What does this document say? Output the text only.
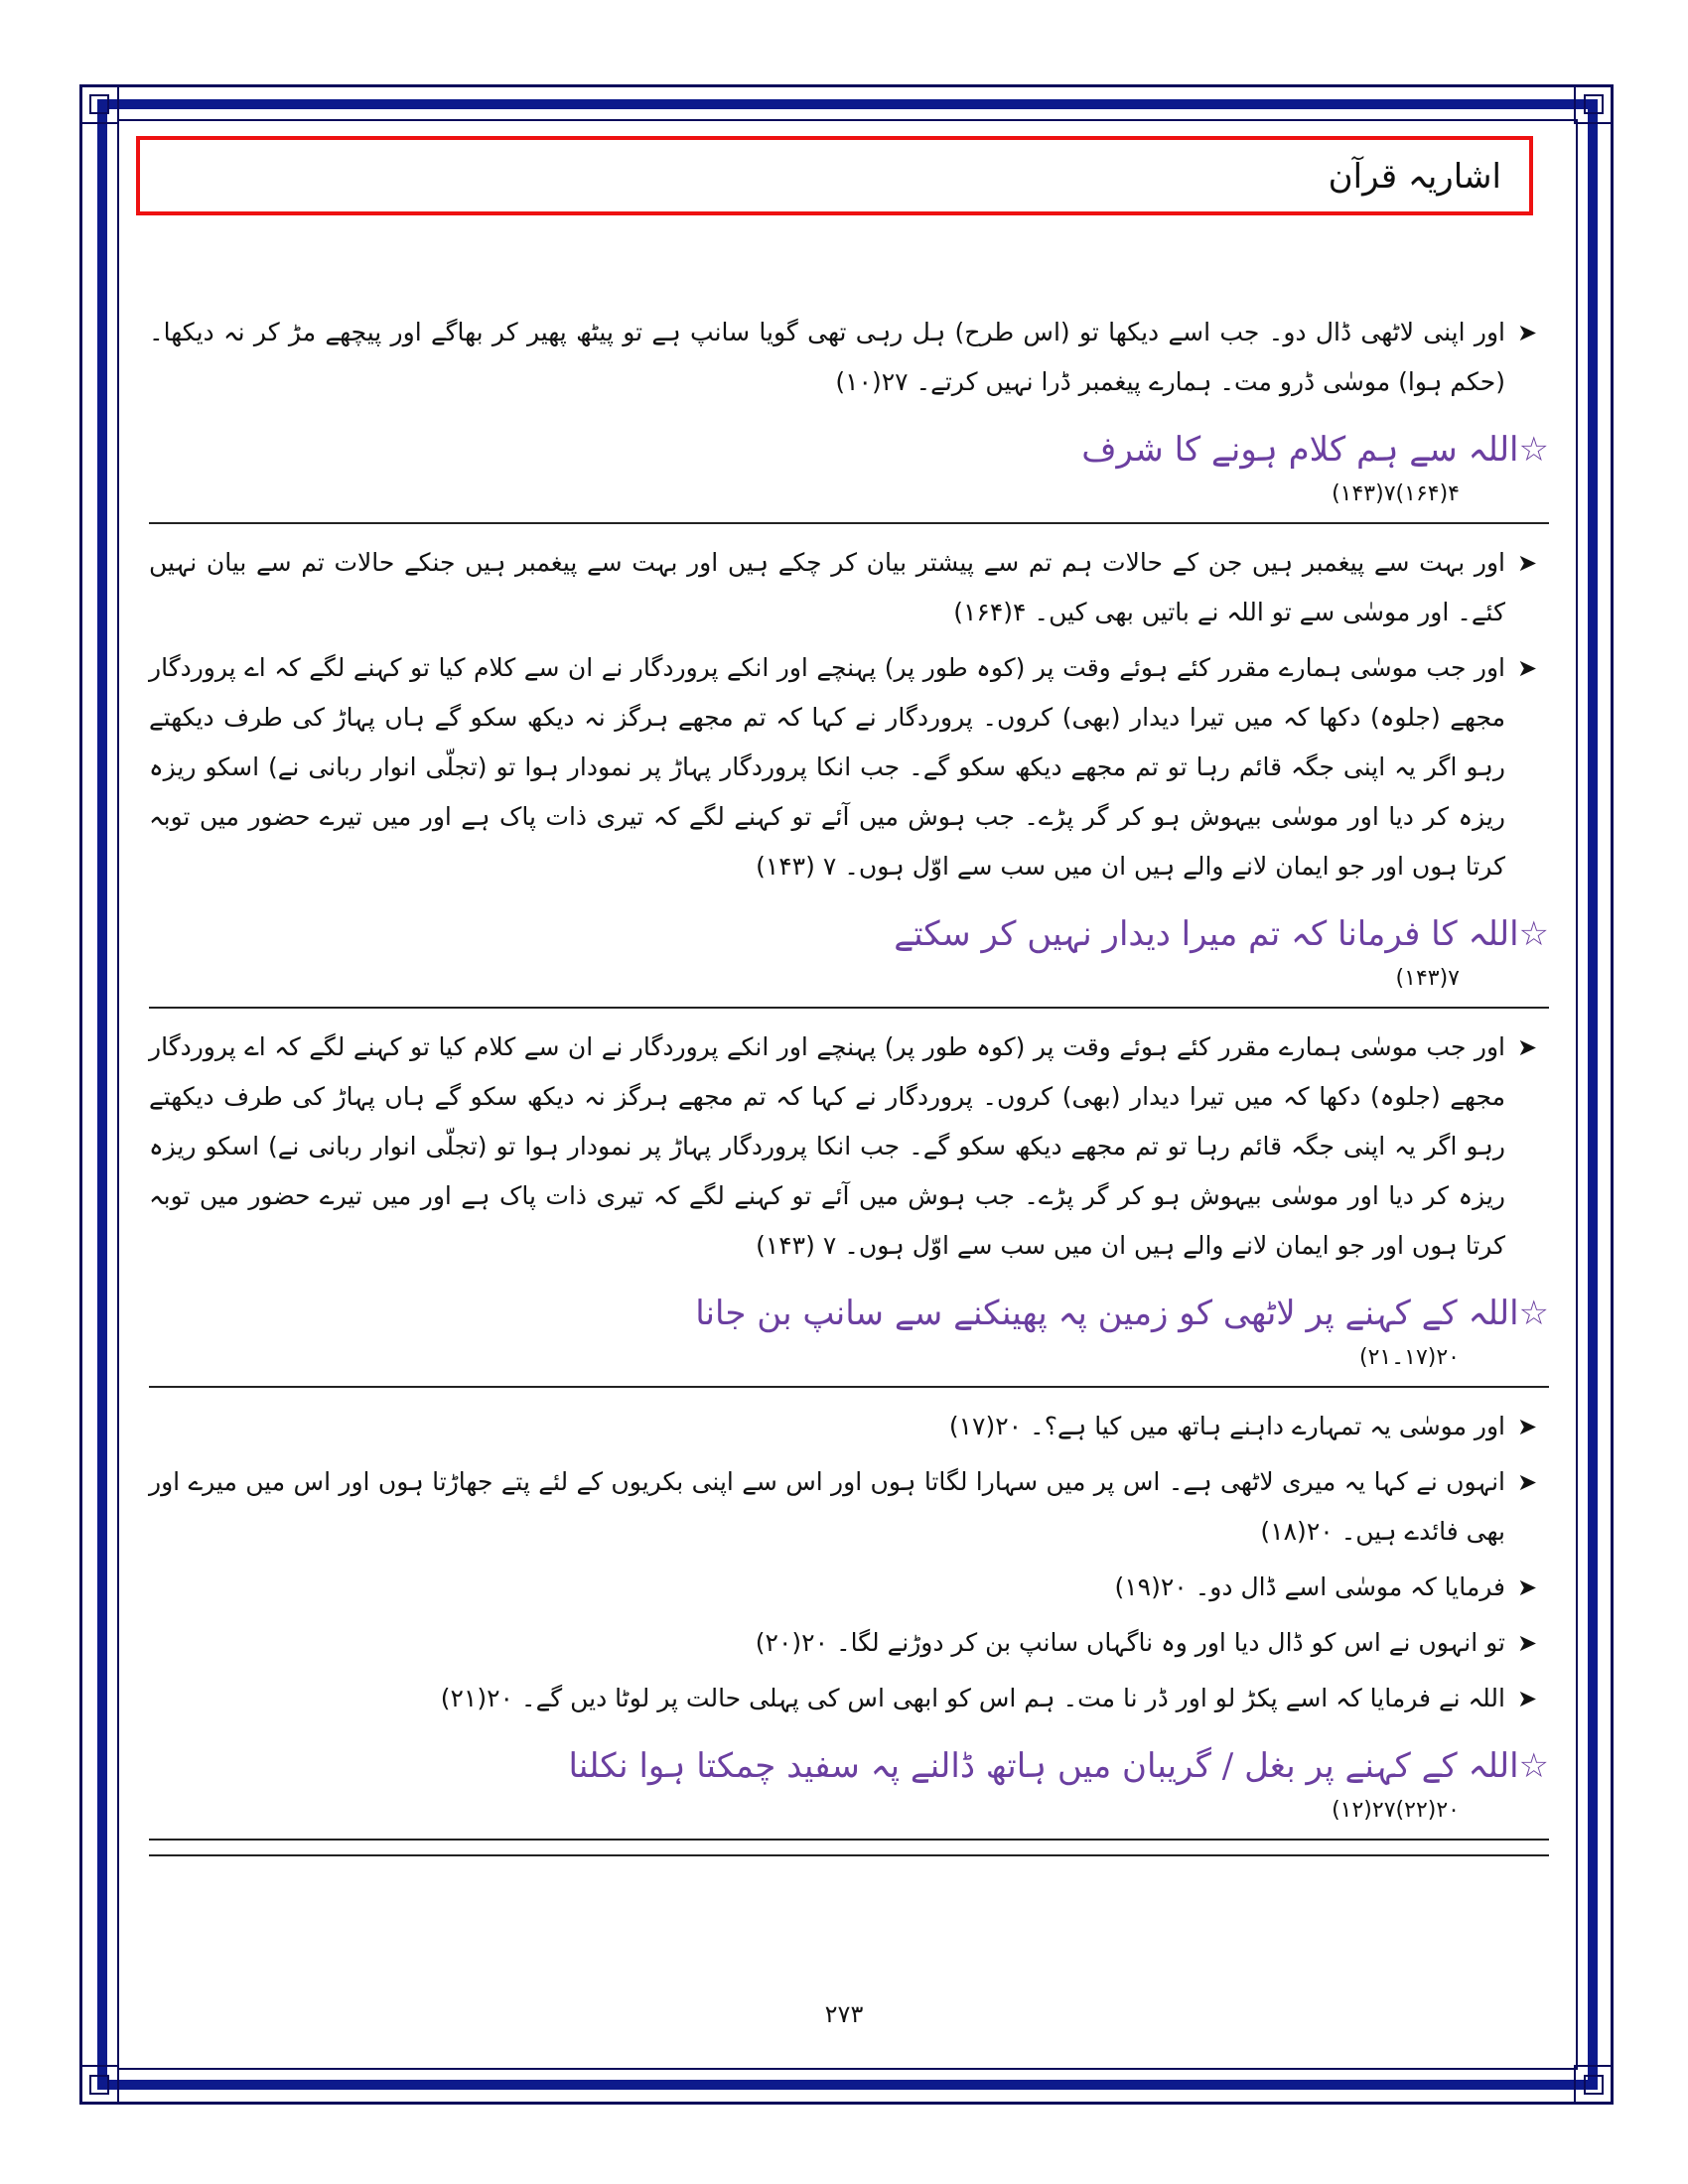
اشاریہ قرآن
➤
اور اپنی لاٹھی ڈال دو۔ جب اسے دیکھا تو (اس طرح) ہل رہی تھی گویا سانپ ہے تو پیٹھ پھیر کر بھاگے اور پیچھے مڑ کر نہ دیکھا۔ (حکم ہوا) موسٰی ڈرو مت۔ ہمارے پیغمبر ڈرا نہیں کرتے۔ ۲۷(۱۰)
☆اللہ سے ہم کلام ہونے کا شرف
۴(۱۶۴)۷(۱۴۳)
➤
اور بہت سے پیغمبر ہیں جن کے حالات ہم تم سے پیشتر بیان کر چکے ہیں اور بہت سے پیغمبر ہیں جنکے حالات تم سے بیان نہیں کئے۔ اور موسٰی سے تو اللہ نے باتیں بھی کیں۔ ۴(۱۶۴)
➤
اور جب موسٰی ہمارے مقرر کئے ہوئے وقت پر (کوہ طور پر) پہنچے اور انکے پروردگار نے ان سے کلام کیا تو کہنے لگے کہ اے پروردگار مجھے (جلوہ) دکھا کہ میں تیرا دیدار (بھی) کروں۔ پروردگار نے کہا کہ تم مجھے ہرگز نہ دیکھ سکو گے ہاں پہاڑ کی طرف دیکھتے رہو اگر یہ اپنی جگہ قائم رہا تو تم مجھے دیکھ سکو گے۔ جب انکا پروردگار پہاڑ پر نمودار ہوا تو (تجلّی انوار ربانی نے) اسکو ریزہ ریزہ کر دیا اور موسٰی بیہوش ہو کر گر پڑے۔ جب ہوش میں آئے تو کہنے لگے کہ تیری ذات پاک ہے اور میں تیرے حضور میں توبہ کرتا ہوں اور جو ایمان لانے والے ہیں ان میں سب سے اوّل ہوں۔ ۷ (۱۴۳)
☆اللہ کا فرمانا کہ تم میرا دیدار نہیں کر سکتے
۷(۱۴۳)
➤
اور جب موسٰی ہمارے مقرر کئے ہوئے وقت پر (کوہ طور پر) پہنچے اور انکے پروردگار نے ان سے کلام کیا تو کہنے لگے کہ اے پروردگار مجھے (جلوہ) دکھا کہ میں تیرا دیدار (بھی) کروں۔ پروردگار نے کہا کہ تم مجھے ہرگز نہ دیکھ سکو گے ہاں پہاڑ کی طرف دیکھتے رہو اگر یہ اپنی جگہ قائم رہا تو تم مجھے دیکھ سکو گے۔ جب انکا پروردگار پہاڑ پر نمودار ہوا تو (تجلّی انوار ربانی نے) اسکو ریزہ ریزہ کر دیا اور موسٰی بیہوش ہو کر گر پڑے۔ جب ہوش میں آئے تو کہنے لگے کہ تیری ذات پاک ہے اور میں تیرے حضور میں توبہ کرتا ہوں اور جو ایمان لانے والے ہیں ان میں سب سے اوّل ہوں۔ ۷ (۱۴۳)
☆اللہ کے کہنے پر لاٹھی کو زمین پہ پھینکنے سے سانپ بن جانا
۲۰(۱۷۔۲۱)
➤
اور موسٰی یہ تمہارے داہنے ہاتھ میں کیا ہے؟۔ ۲۰(۱۷)
➤
انہوں نے کہا یہ میری لاٹھی ہے۔ اس پر میں سہارا لگاتا ہوں اور اس سے اپنی بکریوں کے لئے پتے جھاڑتا ہوں اور اس میں میرے اور بھی فائدے ہیں۔ ۲۰(۱۸)
➤
فرمایا کہ موسٰی اسے ڈال دو۔ ۲۰(۱۹)
➤
تو انہوں نے اس کو ڈال دیا اور وہ ناگہاں سانپ بن کر دوڑنے لگا۔ ۲۰(۲۰)
➤
اللہ نے فرمایا کہ اسے پکڑ لو اور ڈر نا مت۔ ہم اس کو ابھی اس کی پہلی حالت پر لوٹا دیں گے۔ ۲۰(۲۱)
☆اللہ کے کہنے پر بغل / گریبان میں ہاتھ ڈالنے پہ سفید چمکتا ہوا نکلنا
۲۰(۲۲)۲۷(۱۲)
۲۷۳
